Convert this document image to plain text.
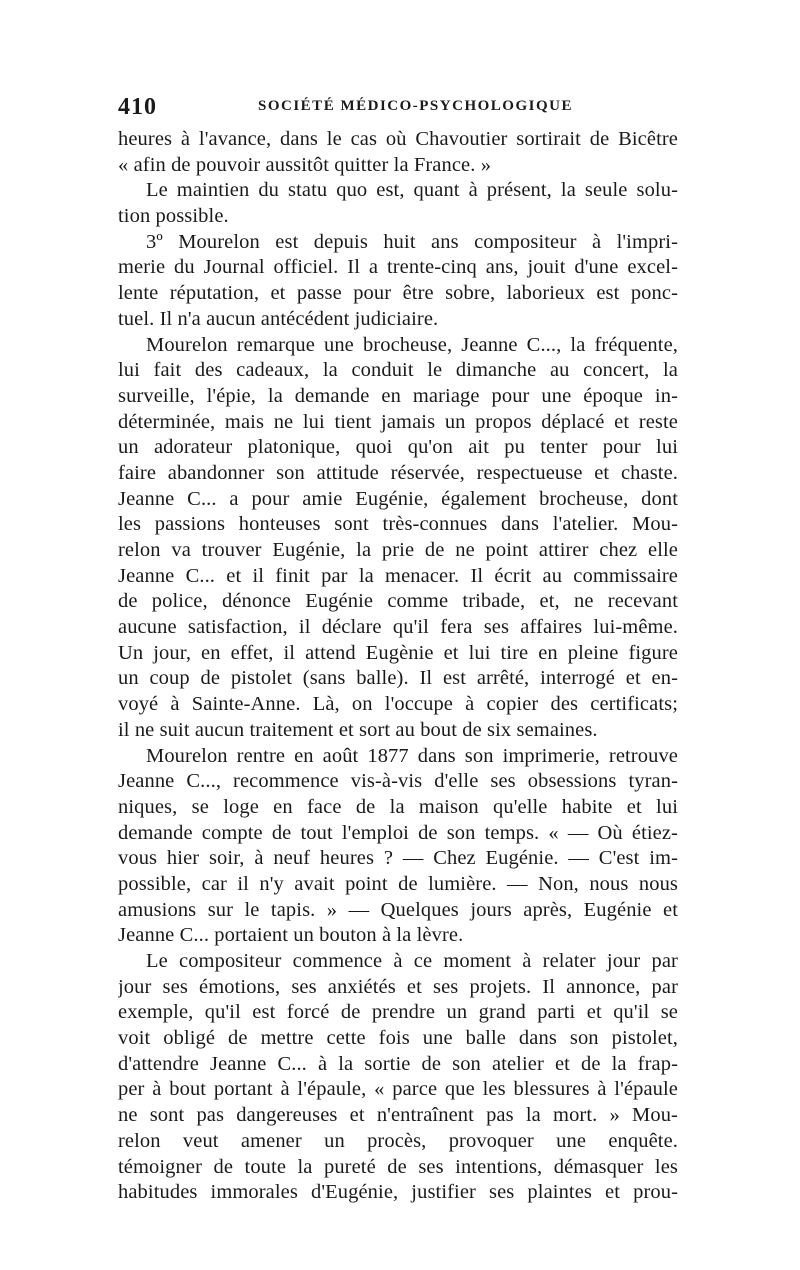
410	SOCIÉTÉ MÉDICO-PSYCHOLOGIQUE
heures à l'avance, dans le cas où Chavoutier sortirait de Bicêtre
« afin de pouvoir aussitôt quitter la France. »
Le maintien du statu quo est, quant à présent, la seule solu-
tion possible.
3º Mourelon est depuis huit ans compositeur à l'impri-
merie du Journal officiel. Il a trente-cinq ans, jouit d'une excel-
lente réputation, et passe pour être sobre, laborieux est ponc-
tuel. Il n'a aucun antécédent judiciaire.
Mourelon remarque une brocheuse, Jeanne C..., la fréquente,
lui fait des cadeaux, la conduit le dimanche au concert, la
surveille, l'épie, la demande en mariage pour une époque in-
déterminée, mais ne lui tient jamais un propos déplacé et reste
un adorateur platonique, quoi qu'on ait pu tenter pour lui
faire abandonner son attitude réservée, respectueuse et chaste.
Jeanne C... a pour amie Eugénie, également brocheuse, dont
les passions honteuses sont très-connues dans l'atelier. Mou-
relon va trouver Eugénie, la prie de ne point attirer chez elle
Jeanne C... et il finit par la menacer. Il écrit au commissaire
de police, dénonce Eugénie comme tribade, et, ne recevant
aucune satisfaction, il déclare qu'il fera ses affaires lui-même.
Un jour, en effet, il attend Eugènie et lui tire en pleine figure
un coup de pistolet (sans balle). Il est arrêté, interrogé et en-
voyé à Sainte-Anne. Là, on l'occupe à copier des certificats;
il ne suit aucun traitement et sort au bout de six semaines.
Mourelon rentre en août 1877 dans son imprimerie, retrouve
Jeanne C..., recommence vis-à-vis d'elle ses obsessions tyran-
niques, se loge en face de la maison qu'elle habite et lui
demande compte de tout l'emploi de son temps. « — Où étiez-
vous hier soir, à neuf heures ? — Chez Eugénie. — C'est im-
possible, car il n'y avait point de lumière. — Non, nous nous
amusions sur le tapis. » — Quelques jours après, Eugénie et
Jeanne C... portaient un bouton à la lèvre.
Le compositeur commence à ce moment à relater jour par
jour ses émotions, ses anxiétés et ses projets. Il annonce, par
exemple, qu'il est forcé de prendre un grand parti et qu'il se
voit obligé de mettre cette fois une balle dans son pistolet,
d'attendre Jeanne C... à la sortie de son atelier et de la frap-
per à bout portant à l'épaule, « parce que les blessures à l'épaule
ne sont pas dangereuses et n'entraînent pas la mort. » Mou-
relon veut amener un procès, provoquer une enquête.
témoigner de toute la pureté de ses intentions, démasquer les
habitudes immorales d'Eugénie, justifier ses plaintes et prou-
